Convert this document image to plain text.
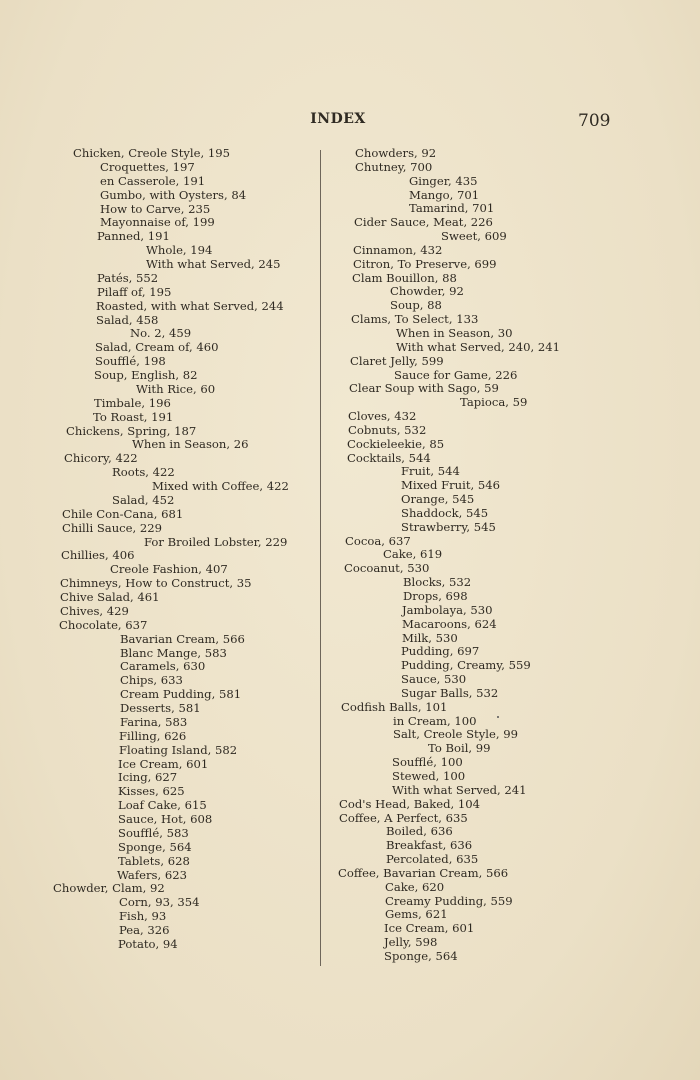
INDEX	709
Chicken, Creole Style, 195
Croquettes, 197
en Casserole, 191
Gumbo, with Oysters, 84
How to Carve, 235
Mayonnaise of, 199
Panned, 191
Whole, 194
With what Served, 245
Patés, 552
Pilaff of, 195
Roasted, with what Served, 244
Salad, 458
No. 2, 459
Salad, Cream of, 460
Soufflé, 198
Soup, English, 82
With Rice, 60
Timbale, 196
To Roast, 191
Chickens, Spring, 187
When in Season, 26
Chicory, 422
Roots, 422
Mixed with Coffee, 422
Salad, 452
Chile Con-Cana, 681
Chilli Sauce, 229
For Broiled Lobster, 229
Chillies, 406
Creole Fashion, 407
Chimneys, How to Construct, 35
Chive Salad, 461
Chives, 429
Chocolate, 637
Bavarian Cream, 566
Blanc Mange, 583
Caramels, 630
Chips, 633
Cream Pudding, 581
Desserts, 581
Farina, 583
Filling, 626
Floating Island, 582
Ice Cream, 601
Icing, 627
Kisses, 625
Loaf Cake, 615
Sauce, Hot, 608
Soufflé, 583
Sponge, 564
Tablets, 628
Wafers, 623
Chowder, Clam, 92
Corn, 93, 354
Fish, 93
Pea, 326
Potato, 94
Chowders, 92
Chutney, 700
Ginger, 435
Mango, 701
Tamarind, 701
Cider Sauce, Meat, 226
Sweet, 609
Cinnamon, 432
Citron, To Preserve, 699
Clam Bouillon, 88
Chowder, 92
Soup, 88
Clams, To Select, 133
When in Season, 30
With what Served, 240, 241
Claret Jelly, 599
Sauce for Game, 226
Clear Soup with Sago, 59
Tapioca, 59
Cloves, 432
Cobnuts, 532
Cockieleekie, 85
Cocktails, 544
Fruit, 544
Mixed Fruit, 546
Orange, 545
Shaddock, 545
Strawberry, 545
Cocoa, 637
Cake, 619
Cocoanut, 530
Blocks, 532
Drops, 698
Jambolaya, 530
Macaroons, 624
Milk, 530
Pudding, 697
Pudding, Creamy, 559
Sauce, 530
Sugar Balls, 532
Codfish Balls, 101
in Cream, 100
Salt, Creole Style, 99
To Boil, 99
Soufflé, 100
Stewed, 100
With what Served, 241
Cod's Head, Baked, 104
Coffee, A Perfect, 635
Boiled, 636
Breakfast, 636
Percolated, 635
Coffee, Bavarian Cream, 566
Cake, 620
Creamy Pudding, 559
Gems, 621
Ice Cream, 601
Jelly, 598
Sponge, 564
